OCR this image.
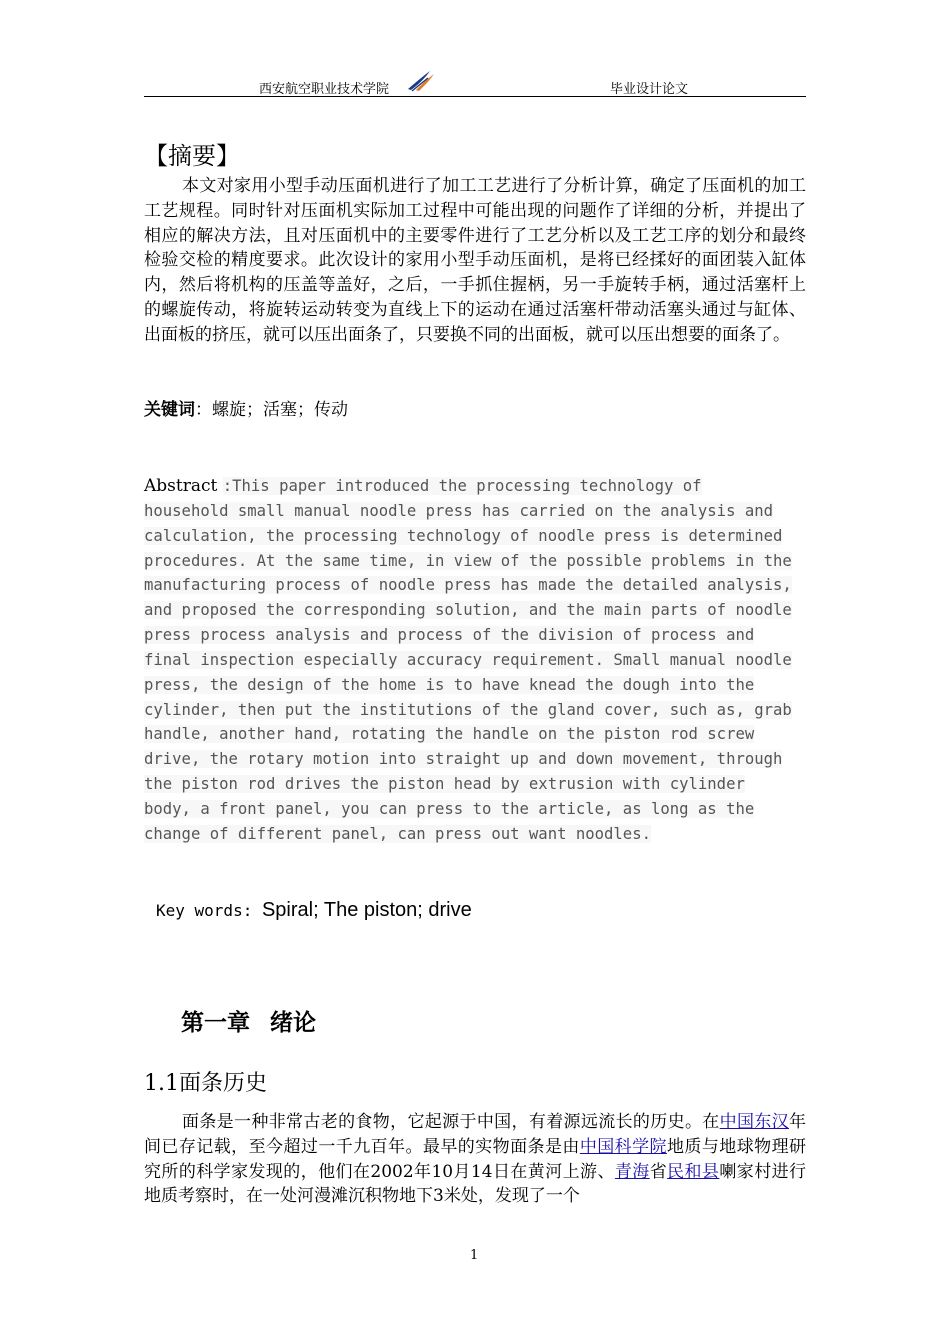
西安航空职业技术学院	毕业设计论文
【摘要】

本文对家用小型手动压面机进行了加工工艺进行了分析计算，确定了压面机的加工工艺规程。同时针对压面机实际加工过程中可能出现的问题作了详细的分析，并提出了相应的解决方法，且对压面机中的主要零件进行了工艺分析以及工艺工序的划分和最终检验交检的精度要求。此次设计的家用小型手动压面机，是将已经揉好的面团装入缸体内，然后将机构的压盖等盖好，之后，一手抓住握柄，另一手旋转手柄，通过活塞杆上的螺旋传动，将旋转运动转变为直线上下的运动在通过活塞杆带动活塞头通过与缸体、出面板的挤压，就可以压出面条了，只要换不同的出面板，就可以压出想要的面条了。

关键词：螺旋；活塞；传动
Abstract :This paper introduced the processing technology of
household small manual noodle press has carried on the analysis and
calculation, the processing technology of noodle press is determined
procedures. At the same time, in view of the possible problems in the
manufacturing process of noodle press has made the detailed analysis,
and proposed the corresponding solution, and the main parts of noodle
press process analysis and process of the division of process and
final inspection especially accuracy requirement. Small manual noodle
press, the design of the home is to have knead the dough into the
cylinder, then put the institutions of the gland cover, such as, grab
handle, another hand, rotating the handle on the piston rod screw
drive, the rotary motion into straight up and down movement, through
the piston rod drives the piston head by extrusion with cylinder
body, a front panel, you can press to the article, as long as the
change of different panel, can press out want noodles.
Key words: Spiral; The piston; drive
第一章 绪论
1.1面条历史

面条是一种非常古老的食物，它起源于中国，有着源远流长的历史。在中国东汉年间已存记载，至今超过一千九百年。最早的实物面条是由中国科学院地质与地球物理研究所的科学家发现的，他们在2002年10月14日在黄河上游、青海省民和县喇家村进行地质考察时，在一处河漫滩沉积物地下3米处，发现了一个

1
